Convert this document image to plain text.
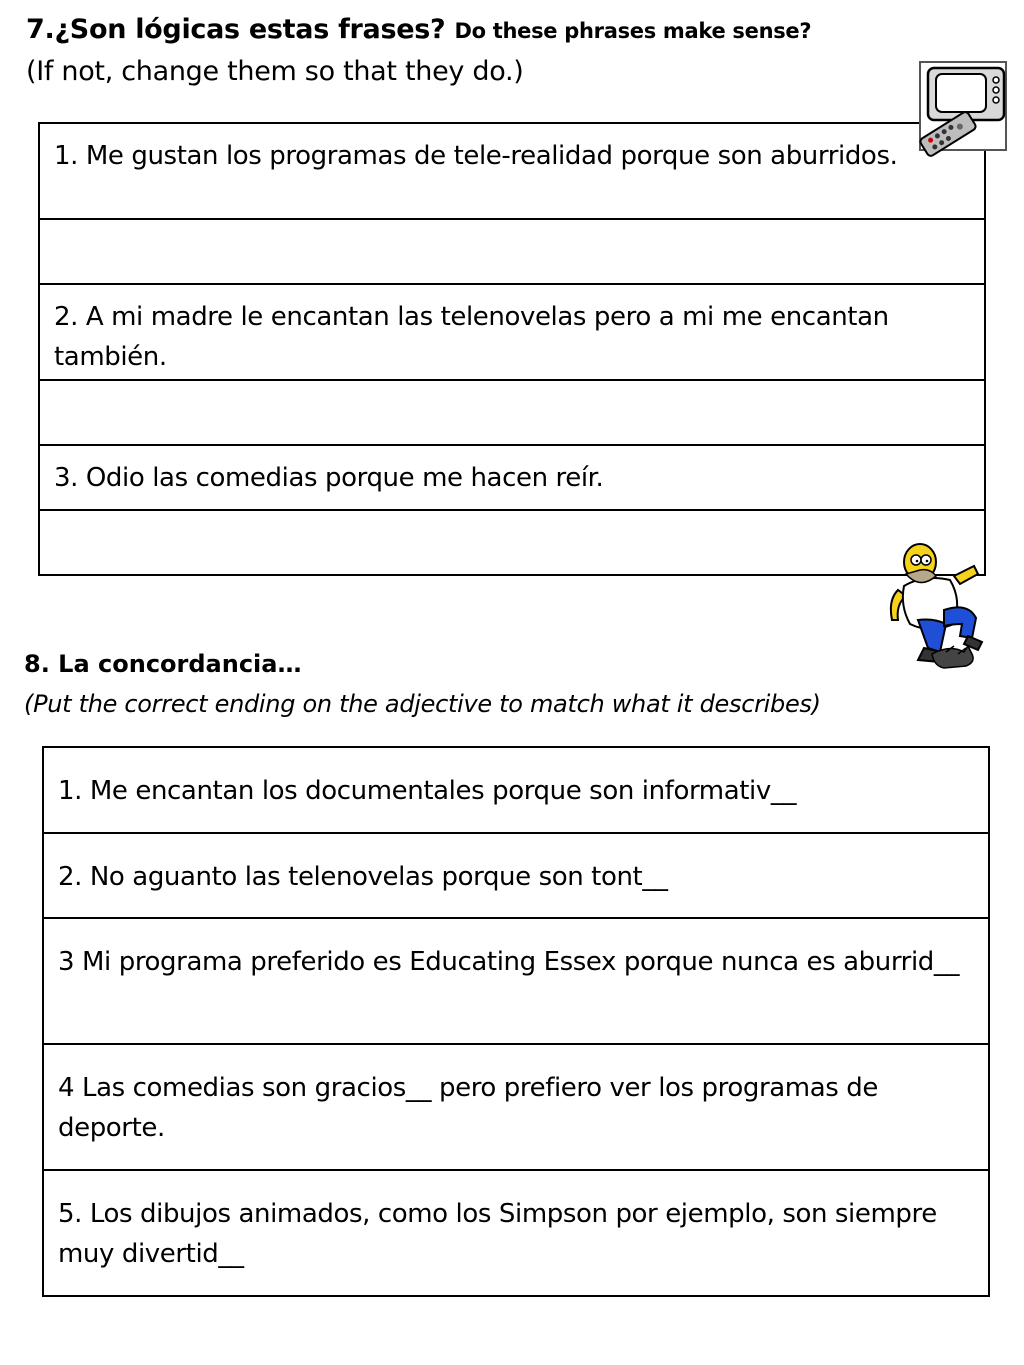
7.¿Son lógicas estas frases? Do these phrases make sense?
(If not, change them so that they do.)
1. Me gustan los programas de tele-realidad porque son aburridos.

2. A mi madre le encantan las telenovelas pero a mi me encantan también.

3. Odio las comedias porque me hacen reír.

8. La concordancia…
(Put the correct ending on the adjective to match what it describes)
1. Me encantan los documentales porque son informativ__
2. No aguanto las telenovelas porque son tont__
3 Mi programa preferido es Educating Essex porque nunca es aburrid__
4 Las comedias son gracios__ pero prefiero ver los programas de deporte.
5. Los dibujos animados, como los Simpson por ejemplo, son siempre muy divertid__
